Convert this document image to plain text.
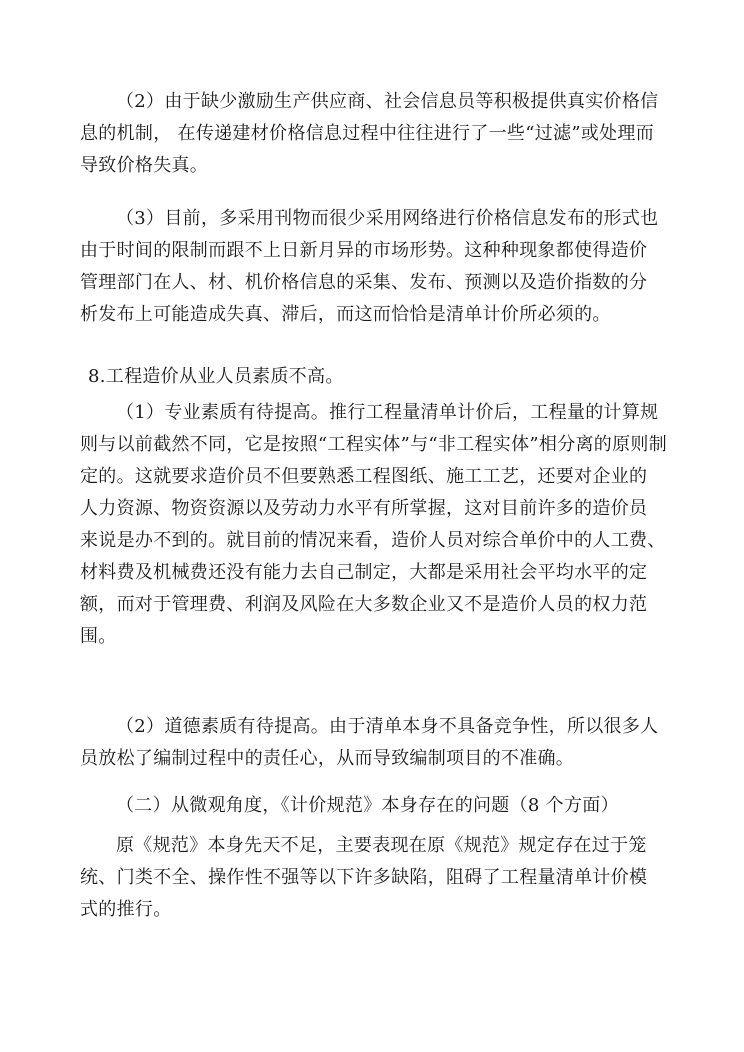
（2）由于缺少激励生产供应商、社会信息员等积极提供真实价格信
息的机制， 在传递建材价格信息过程中往往进行了一些“过滤”或处理而
导致价格失真。
（3）目前，多采用刊物而很少采用网络进行价格信息发布的形式也
由于时间的限制而跟不上日新月异的市场形势。这种种现象都使得造价
管理部门在人、材、机价格信息的采集、发布、预测以及造价指数的分
析发布上可能造成失真、滞后，而这而恰恰是清单计价所必须的。
8.工程造价从业人员素质不高。
（1）专业素质有待提高。推行工程量清单计价后，工程量的计算规
则与以前截然不同，它是按照“工程实体”与“非工程实体”相分离的原则制
定的。这就要求造价员不但要熟悉工程图纸、施工工艺，还要对企业的
人力资源、物资资源以及劳动力水平有所掌握，这对目前许多的造价员
来说是办不到的。就目前的情况来看，造价人员对综合单价中的人工费、
材料费及机械费还没有能力去自己制定，大都是采用社会平均水平的定
额，而对于管理费、利润及风险在大多数企业又不是造价人员的权力范
围。
（2）道德素质有待提高。由于清单本身不具备竞争性，所以很多人
员放松了编制过程中的责任心，从而导致编制项目的不准确。
（二）从微观角度，《计价规范》本身存在的问题（8 个方面）
原《规范》本身先天不足，主要表现在原《规范》规定存在过于笼
统、门类不全、操作性不强等以下许多缺陷，阻碍了工程量清单计价模
式的推行。
